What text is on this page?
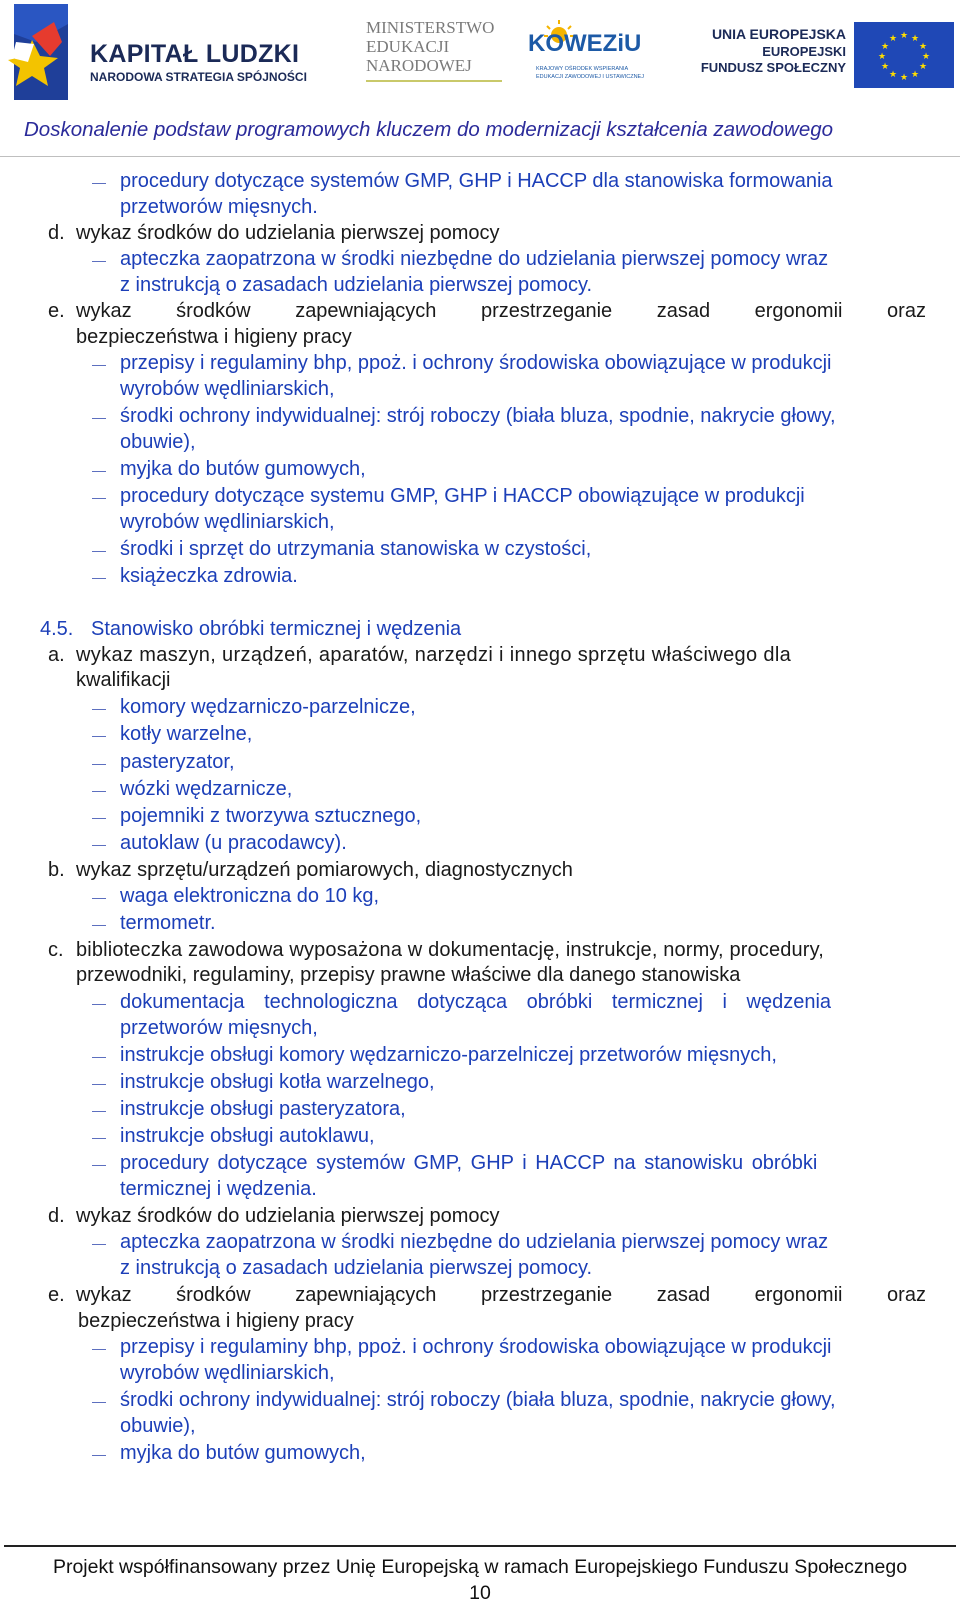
KAPITAŁ LUDZKI
NARODOWA STRATEGIA SPÓJNOŚCI
MINISTERSTWO
EDUKACJI
NARODOWEJ
KOWEZiU
KRAJOWY OŚRODEK WSPIERANIA
EDUKACJI ZAWODOWEJ I USTAWICZNEJ
UNIA EUROPEJSKA
EUROPEJSKI
FUNDUSZ SPOŁECZNY
★ ★
★
★
★
★
★
★
★
★
★
★
Doskonalenie podstaw programowych kluczem do modernizacji kształcenia zawodowego
procedury dotyczące systemów GMP, GHP i HACCP dla stanowiska formowania
przetworów mięsnych.
d. wykaz środków do udzielania pierwszej pomocy
apteczka zaopatrzona w środki niezbędne do udzielania pierwszej pomocy wraz
z instrukcją o zasadach udzielania pierwszej pomocy.
e. wykaz środków zapewniających przestrzeganie zasad ergonomii oraz
bezpieczeństwa i higieny pracy
przepisy i regulaminy bhp, ppoż. i ochrony środowiska obowiązujące w produkcji
wyrobów wędliniarskich,
środki ochrony indywidualnej: strój roboczy (biała bluza, spodnie, nakrycie głowy,
obuwie),
myjka do butów gumowych,
procedury dotyczące systemu GMP, GHP i HACCP obowiązujące w produkcji
wyrobów wędliniarskich,
środki i sprzęt do utrzymania stanowiska w czystości,
książeczka zdrowia.
4.5. Stanowisko obróbki termicznej i wędzenia
a. wykaz maszyn, urządzeń, aparatów, narzędzi i innego sprzętu właściwego dla
kwalifikacji
komory wędzarniczo-parzelnicze,
kotły warzelne,
pasteryzator,
wózki wędzarnicze,
pojemniki z tworzywa sztucznego,
autoklaw (u pracodawcy).
b. wykaz sprzętu/urządzeń pomiarowych, diagnostycznych
waga elektroniczna do 10 kg,
termometr.
c. biblioteczka zawodowa wyposażona w dokumentację, instrukcje, normy, procedury,
przewodniki, regulaminy, przepisy prawne właściwe dla danego stanowiska
dokumentacja technologiczna dotycząca obróbki termicznej i wędzenia
przetworów mięsnych,
instrukcje obsługi komory wędzarniczo-parzelniczej przetworów mięsnych,
instrukcje obsługi kotła warzelnego,
instrukcje obsługi pasteryzatora,
instrukcje obsługi autoklawu,
procedury dotyczące systemów GMP, GHP i HACCP na stanowisku obróbki
termicznej i wędzenia.
d. wykaz środków do udzielania pierwszej pomocy
apteczka zaopatrzona w środki niezbędne do udzielania pierwszej pomocy wraz
z instrukcją o zasadach udzielania pierwszej pomocy.
e. wykaz środków zapewniających przestrzeganie zasad ergonomii oraz
bezpieczeństwa i higieny pracy
przepisy i regulaminy bhp, ppoż. i ochrony środowiska obowiązujące w produkcji
wyrobów wędliniarskich,
środki ochrony indywidualnej: strój roboczy (biała bluza, spodnie, nakrycie głowy,
obuwie),
myjka do butów gumowych,
Projekt współfinansowany przez Unię Europejską w ramach Europejskiego Funduszu Społecznego
10
